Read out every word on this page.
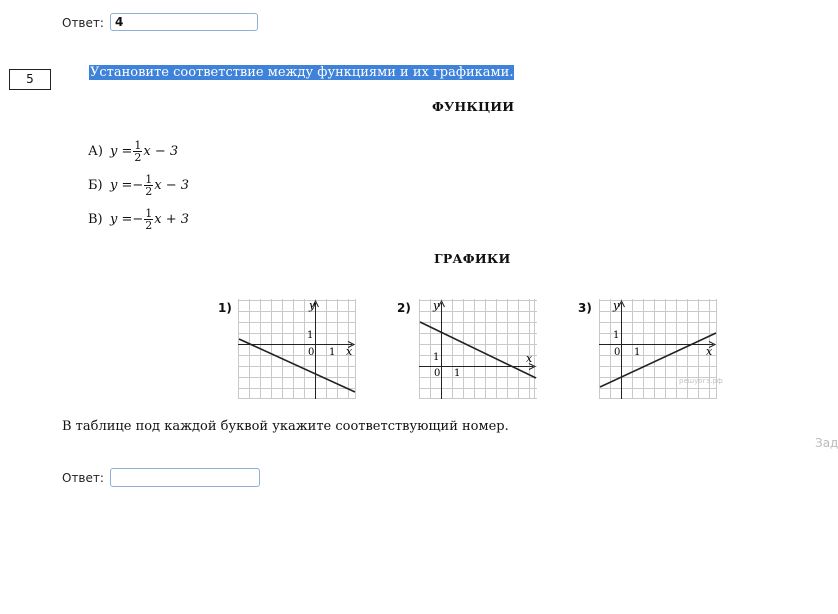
Ответ:
4
5	Установите соответствие между функциями и их графиками.
ФУНКЦИИ
А) $y = \frac{1}{2}$ x − 3
Б) y = − $\frac{1}{2}$ x − 3
В) y = − $\frac{1}{2}$ x + 3
ГРАФИКИ
1)	y
x
1
0 1
2) y
x
1
0 1
3) y
x
1
0 1
решуогэ.рф
В таблице под каждой буквой укажите соответствующий номер.
Зад
Ответ:
